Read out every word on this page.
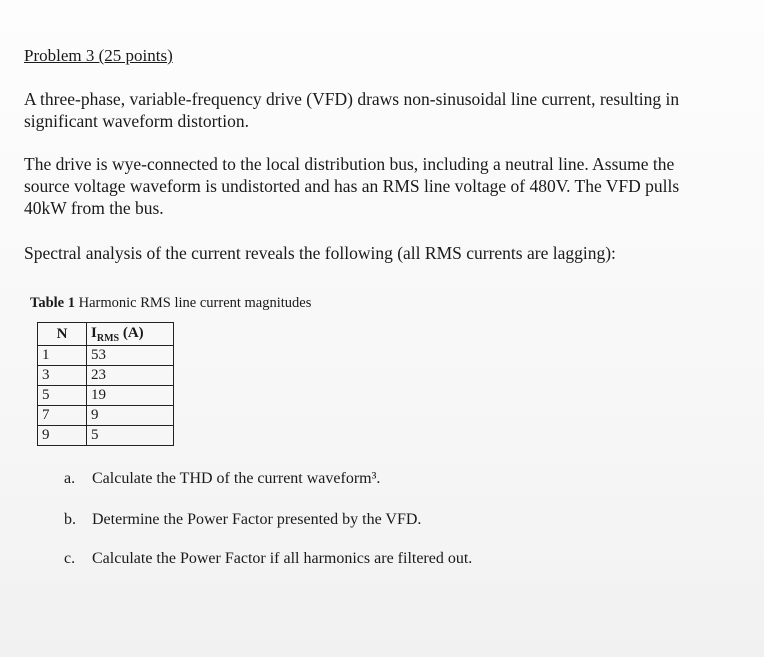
Problem 3 (25 points)
A three-phase, variable-frequency drive (VFD) draws non-sinusoidal line current, resulting in significant waveform distortion.
The drive is wye-connected to the local distribution bus, including a neutral line. Assume the source voltage waveform is undistorted and has an RMS line voltage of 480V. The VFD pulls 40kW from the bus.
Spectral analysis of the current reveals the following (all RMS currents are lagging):
Table 1 Harmonic RMS line current magnitudes
N	$I_{RMS}$ (A)
1	53
3	23
5	19
7	9
9	5
a. Calculate the THD of the current waveform³.
b. Determine the Power Factor presented by the VFD.
c. Calculate the Power Factor if all harmonics are filtered out.
